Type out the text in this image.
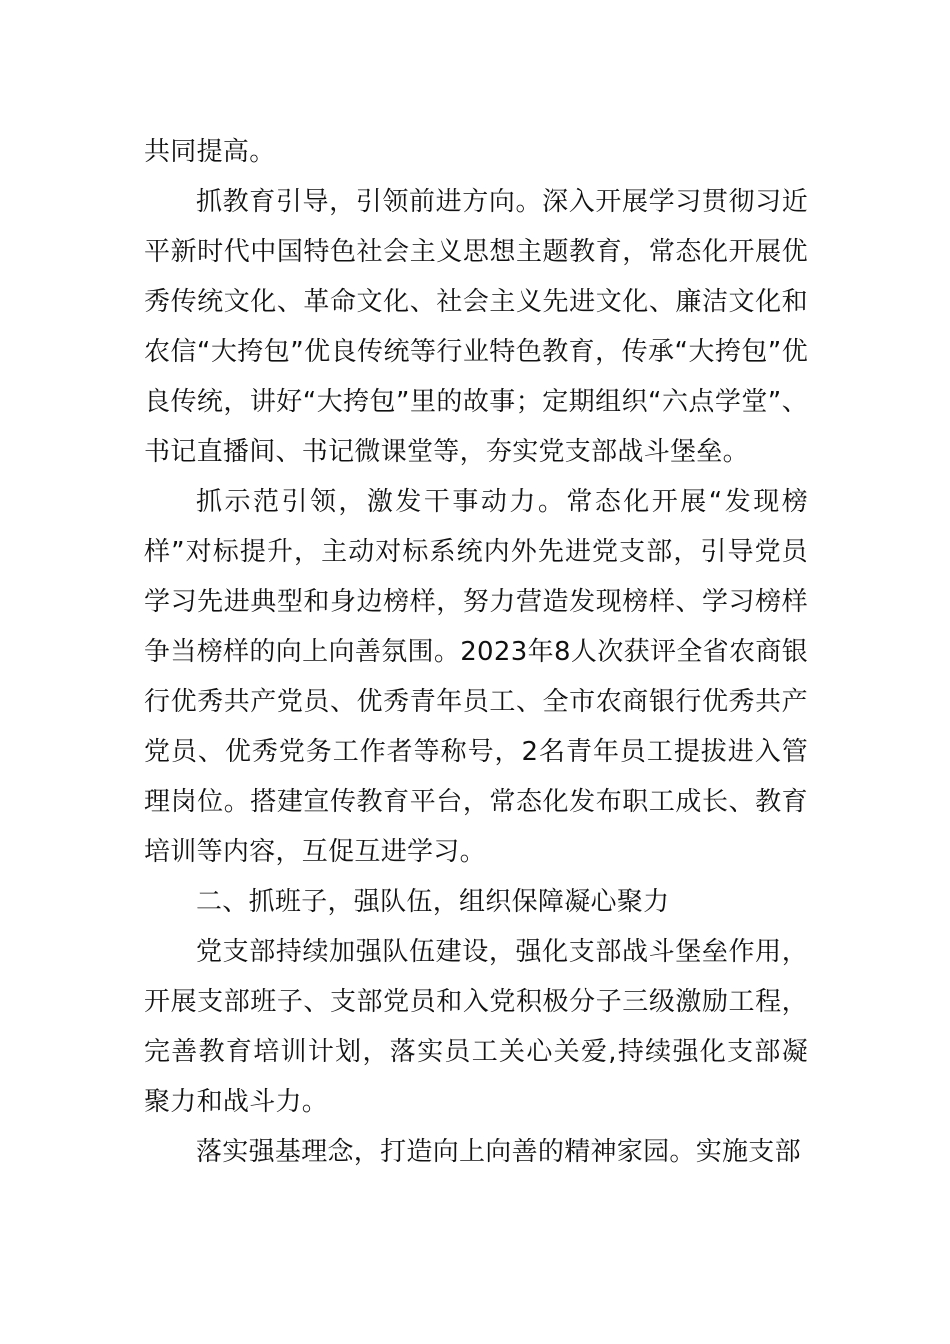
共同提高。

抓教育引导，引领前进方向。深入开展学习贯彻习近平新时代中国特色社会主义思想主题教育，常态化开展优秀传统文化、革命文化、社会主义先进文化、廉洁文化和农信“大挎包”优良传统等行业特色教育，传承“大挎包”优良传统，讲好“大挎包”里的故事；定期组织“六点学堂”、书记直播间、书记微课堂等，夯实党支部战斗堡垒。

抓示范引领，激发干事动力。常态化开展“发现榜样”对标提升，主动对标系统内外先进党支部，引导党员学习先进典型和身边榜样，努力营造发现榜样、学习榜样争当榜样的向上向善氛围。2023年8人次获评全省农商银行优秀共产党员、优秀青年员工、全市农商银行优秀共产党员、优秀党务工作者等称号，2名青年员工提拔进入管理岗位。搭建宣传教育平台，常态化发布职工成长、教育培训等内容，互促互进学习。

二、抓班子，强队伍，组织保障凝心聚力

党支部持续加强队伍建设，强化支部战斗堡垒作用，开展支部班子、支部党员和入党积极分子三级激励工程，完善教育培训计划，落实员工关心关爱,持续强化支部凝聚力和战斗力。

落实强基理念，打造向上向善的精神家园。实施支部
